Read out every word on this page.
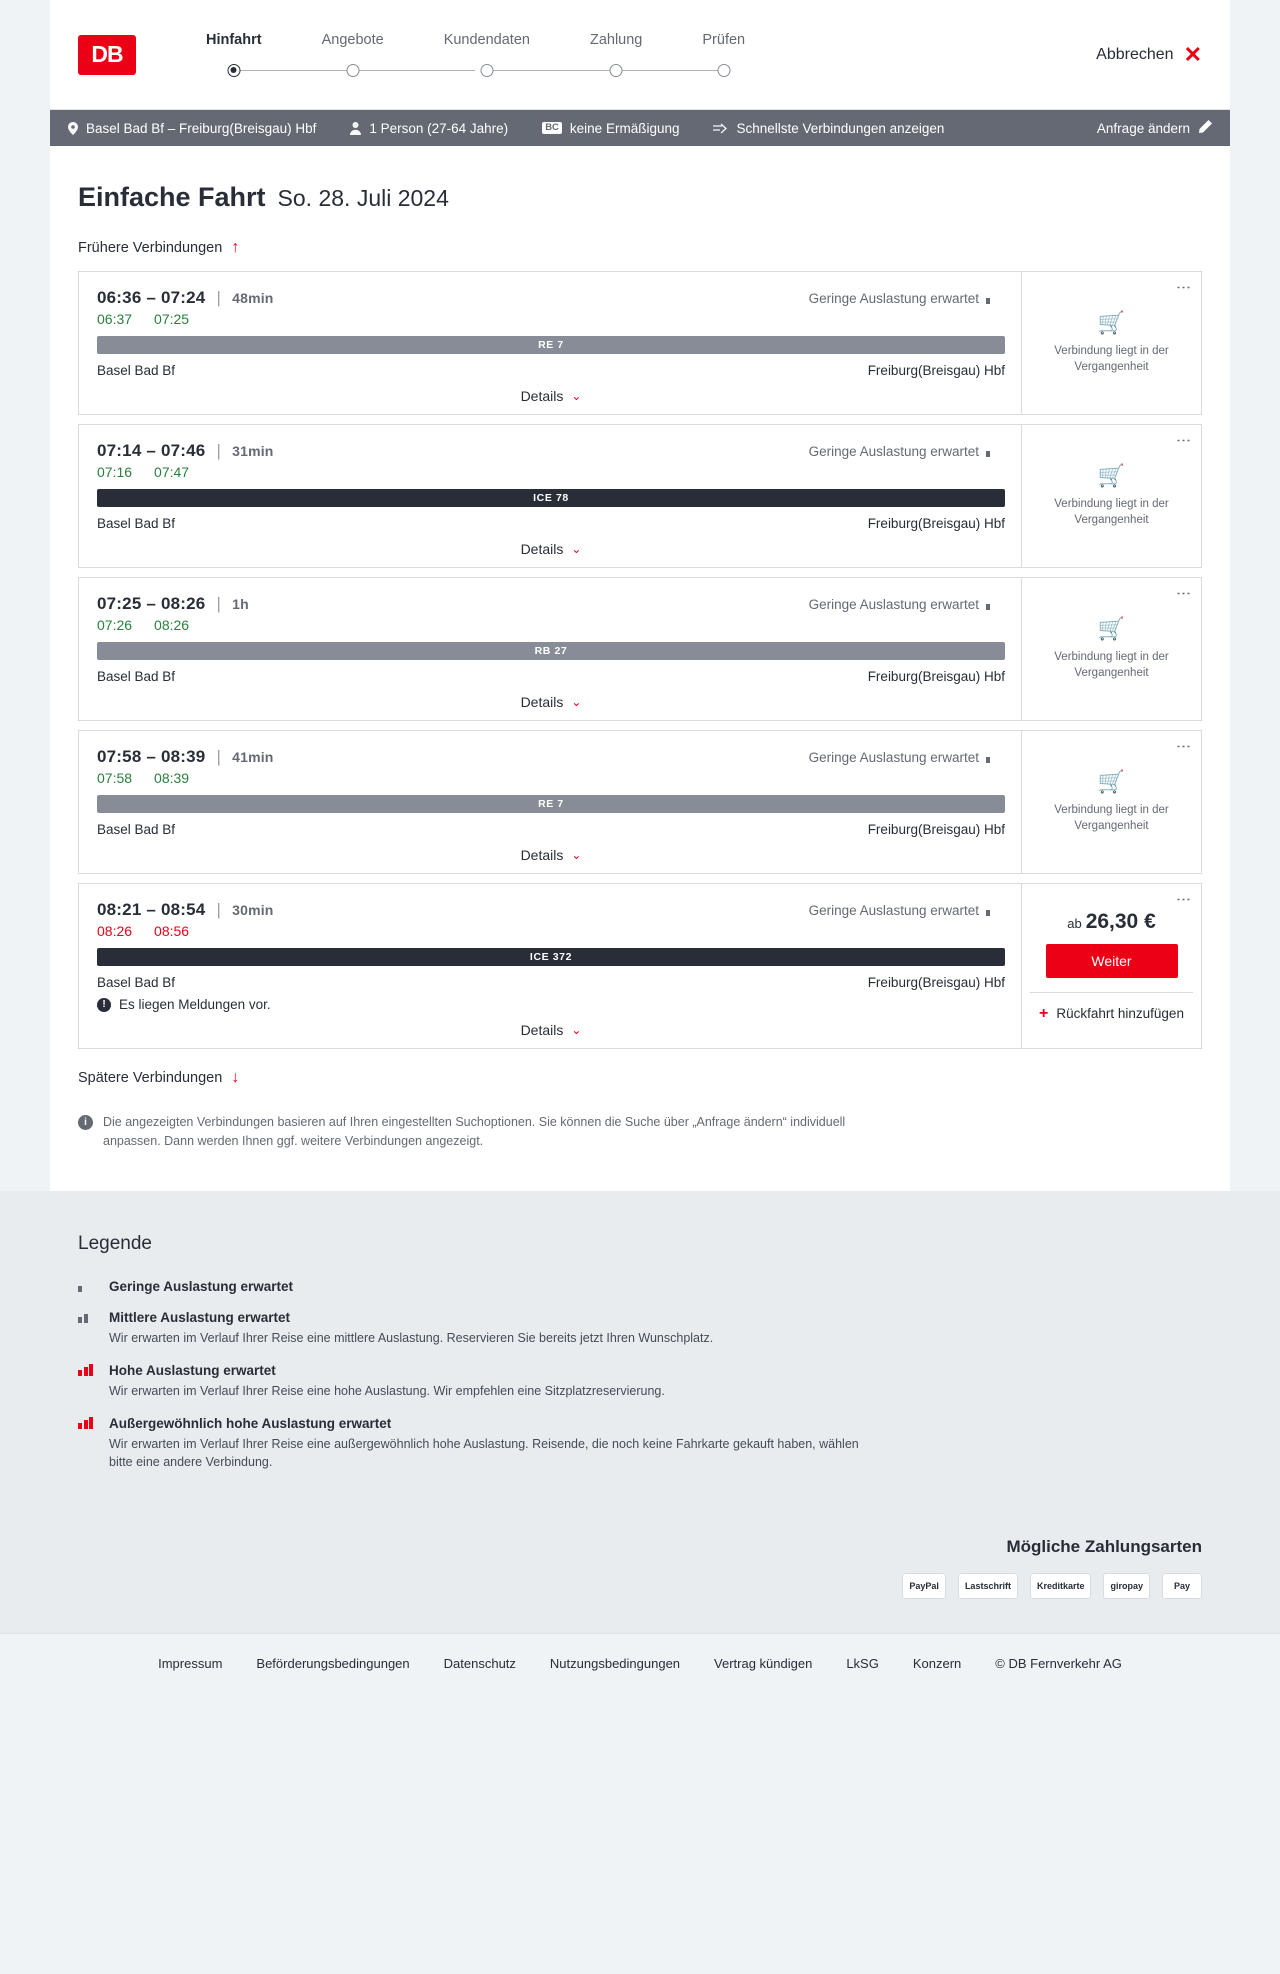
DB
Hinfahrt	Angebote	Kundendaten	Zahlung	Prüfen
Abbrechen ✕
Basel Bad Bf – Freiburg(Breisgau) Hbf	1 Person (27-64 Jahre)	BC keine Ermäßigung	Schnellste Verbindungen anzeigen	Anfrage ändern
Einfache Fahrt So. 28. Juli 2024
Frühere Verbindungen ↑
06:36 – 07:24 | 48min	Geringe Auslastung erwartet
06:37 07:25
RE 7
Basel Bad Bf	Freiburg(Breisgau) Hbf
Details ⌄
⋮
🛒
Verbindung liegt in der Vergangenheit
07:14 – 07:46 | 31min	Geringe Auslastung erwartet
07:16 07:47
ICE 78
Basel Bad Bf	Freiburg(Breisgau) Hbf
Details ⌄
⋮
🛒
Verbindung liegt in der Vergangenheit
07:25 – 08:26 | 1h	Geringe Auslastung erwartet
07:26 08:26
RB 27
Basel Bad Bf	Freiburg(Breisgau) Hbf
Details ⌄
⋮
🛒
Verbindung liegt in der Vergangenheit
07:58 – 08:39 | 41min	Geringe Auslastung erwartet
07:58 08:39
RE 7
Basel Bad Bf	Freiburg(Breisgau) Hbf
Details ⌄
⋮
🛒
Verbindung liegt in der Vergangenheit
08:21 – 08:54 | 30min	Geringe Auslastung erwartet
08:26 08:56
ICE 372
Basel Bad Bf	Freiburg(Breisgau) Hbf
! Es liegen Meldungen vor.
Details ⌄
⋮
ab 26,30 €
Weiter
+ Rückfahrt hinzufügen
Spätere Verbindungen ↓
i	Die angezeigten Verbindungen basieren auf Ihren eingestellten Suchoptionen. Sie können die Suche über „Anfrage ändern“ individuell anpassen. Dann werden Ihnen ggf. weitere Verbindungen angezeigt.
Legende
Geringe Auslastung erwartet
Mittlere Auslastung erwartet
Wir erwarten im Verlauf Ihrer Reise eine mittlere Auslastung. Reservieren Sie bereits jetzt Ihren Wunschplatz.
Hohe Auslastung erwartet
Wir erwarten im Verlauf Ihrer Reise eine hohe Auslastung. Wir empfehlen eine Sitzplatzreservierung.
Außergewöhnlich hohe Auslastung erwartet
Wir erwarten im Verlauf Ihrer Reise eine außergewöhnlich hohe Auslastung. Reisende, die noch keine Fahrkarte gekauft haben, wählen bitte eine andere Verbindung.
Mögliche Zahlungsarten
PayPal	Lastschrift	Kreditkarte	giropay	Pay
Impressum	Beförderungsbedingungen	Datenschutz	Nutzungsbedingungen	Vertrag kündigen	LkSG	Konzern	© DB Fernverkehr AG
